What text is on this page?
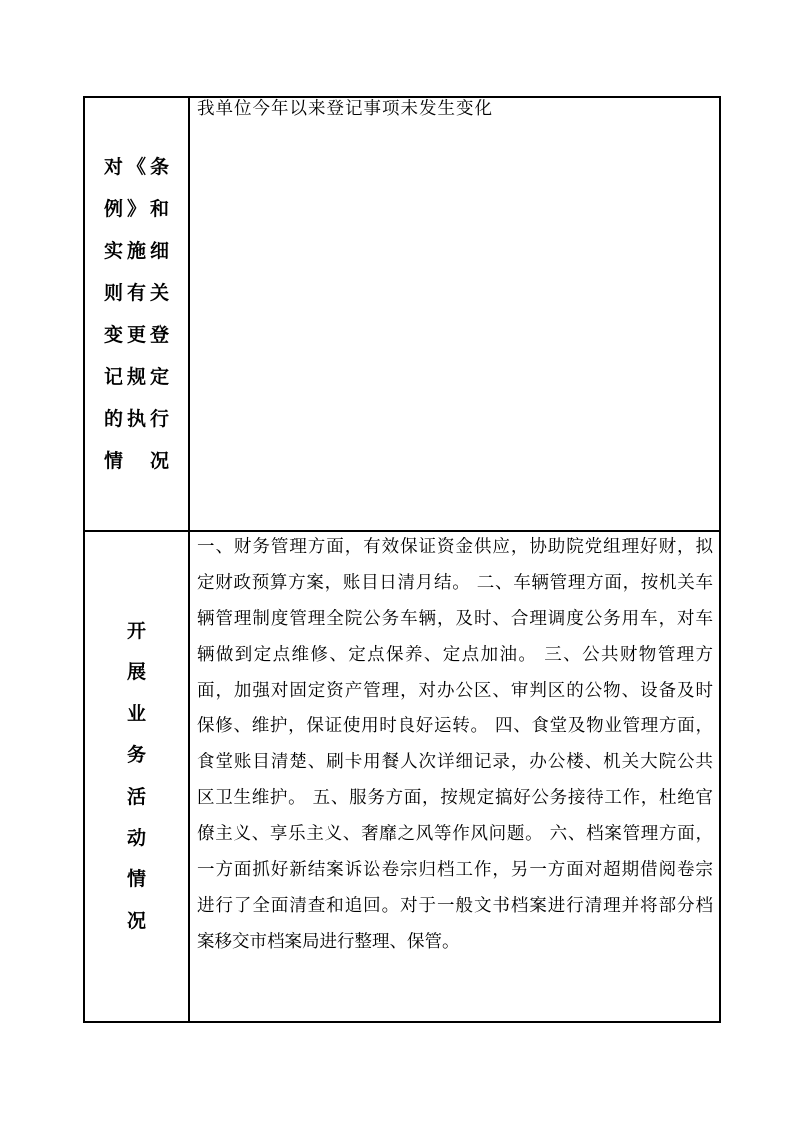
对《条
例》和
实施细
则有关
变更登
记规定
的执行
情 况
我单位今年以来登记事项未发生变化
开
展
业
务
活
动
情
况
一、财务管理方面，有效保证资金供应，协助院党组理好财，拟
定财政预算方案，账目日清月结。 二、车辆管理方面，按机关车
辆管理制度管理全院公务车辆，及时、合理调度公务用车，对车
辆做到定点维修、定点保养、定点加油。 三、公共财物管理方
面，加强对固定资产管理，对办公区、审判区的公物、设备及时
保修、维护，保证使用时良好运转。 四、食堂及物业管理方面，
食堂账目清楚、刷卡用餐人次详细记录，办公楼、机关大院公共
区卫生维护。 五、服务方面，按规定搞好公务接待工作，杜绝官
僚主义、享乐主义、奢靡之风等作风问题。 六、档案管理方面，
一方面抓好新结案诉讼卷宗归档工作，另一方面对超期借阅卷宗
进行了全面清查和追回。对于一般文书档案进行清理并将部分档
案移交市档案局进行整理、保管。
